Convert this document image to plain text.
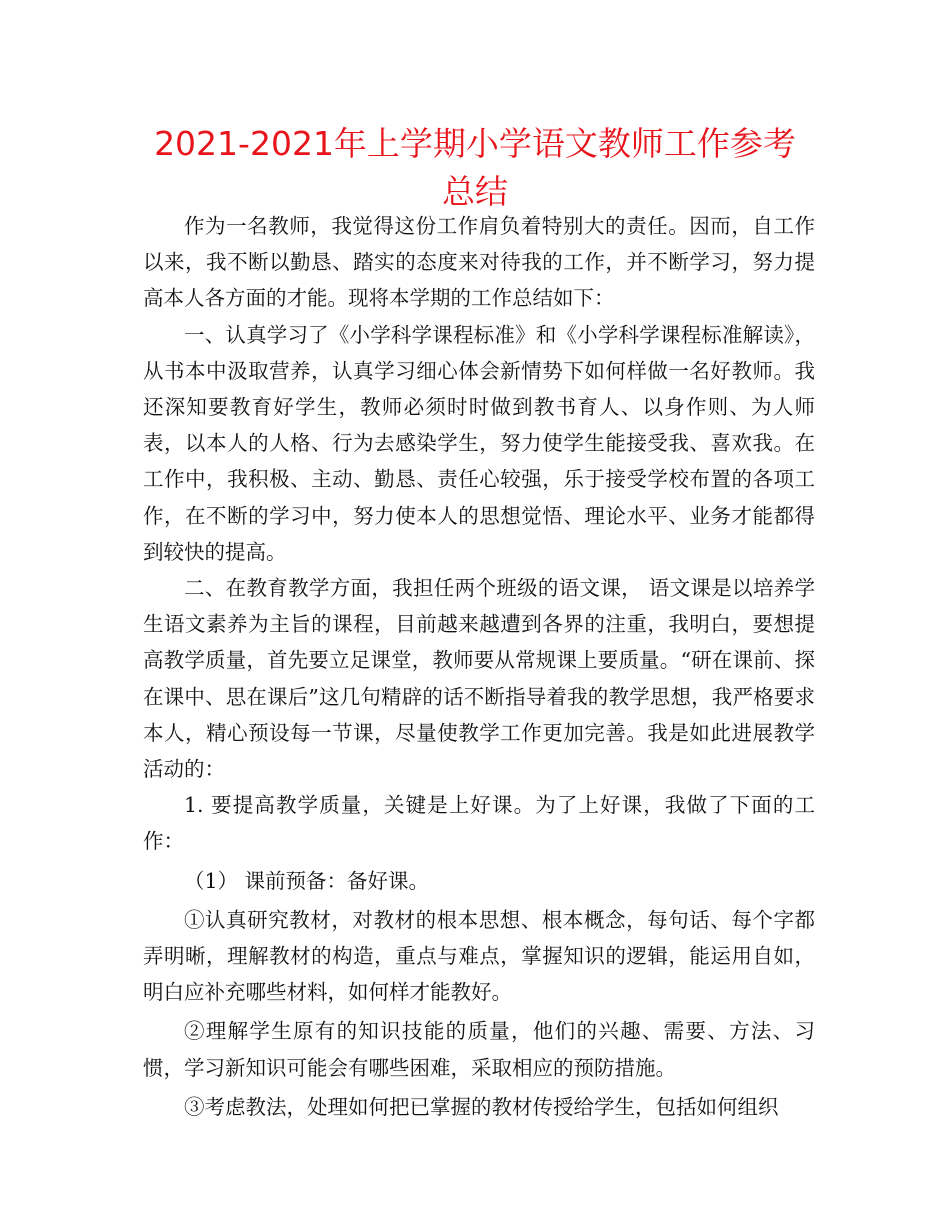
2021-2021年上学期小学语文教师工作参考总结

作为一名教师，我觉得这份工作肩负着特别大的责任。因而，自工作以来，我不断以勤恳、踏实的态度来对待我的工作，并不断学习，努力提高本人各方面的才能。现将本学期的工作总结如下：

一、认真学习了《小学科学课程标准》和《小学科学课程标准解读》，从书本中汲取营养，认真学习细心体会新情势下如何样做一名好教师。我还深知要教育好学生，教师必须时时做到教书育人、以身作则、为人师表，以本人的人格、行为去感染学生，努力使学生能接受我、喜欢我。在工作中，我积极、主动、勤恳、责任心较强，乐于接受学校布置的各项工作，在不断的学习中，努力使本人的思想觉悟、理论水平、业务才能都得到较快的提高。

二、在教育教学方面，我担任两个班级的语文课， 语文课是以培养学生语文素养为主旨的课程，目前越来越遭到各界的注重，我明白，要想提高教学质量，首先要立足课堂，教师要从常规课上要质量。“研在课前、探在课中、思在课后”这几句精辟的话不断指导着我的教学思想，我严格要求本人，精心预设每一节课，尽量使教学工作更加完善。我是如此进展教学活动的：

1. 要提高教学质量，关键是上好课。为了上好课，我做了下面的工作：

（1） 课前预备：备好课。

①认真研究教材，对教材的根本思想、根本概念，每句话、每个字都弄明晰，理解教材的构造，重点与难点，掌握知识的逻辑，能运用自如，明白应补充哪些材料，如何样才能教好。

②理解学生原有的知识技能的质量，他们的兴趣、需要、方法、习惯，学习新知识可能会有哪些困难，采取相应的预防措施。

③考虑教法，处理如何把已掌握的教材传授给学生，包括如何组织
